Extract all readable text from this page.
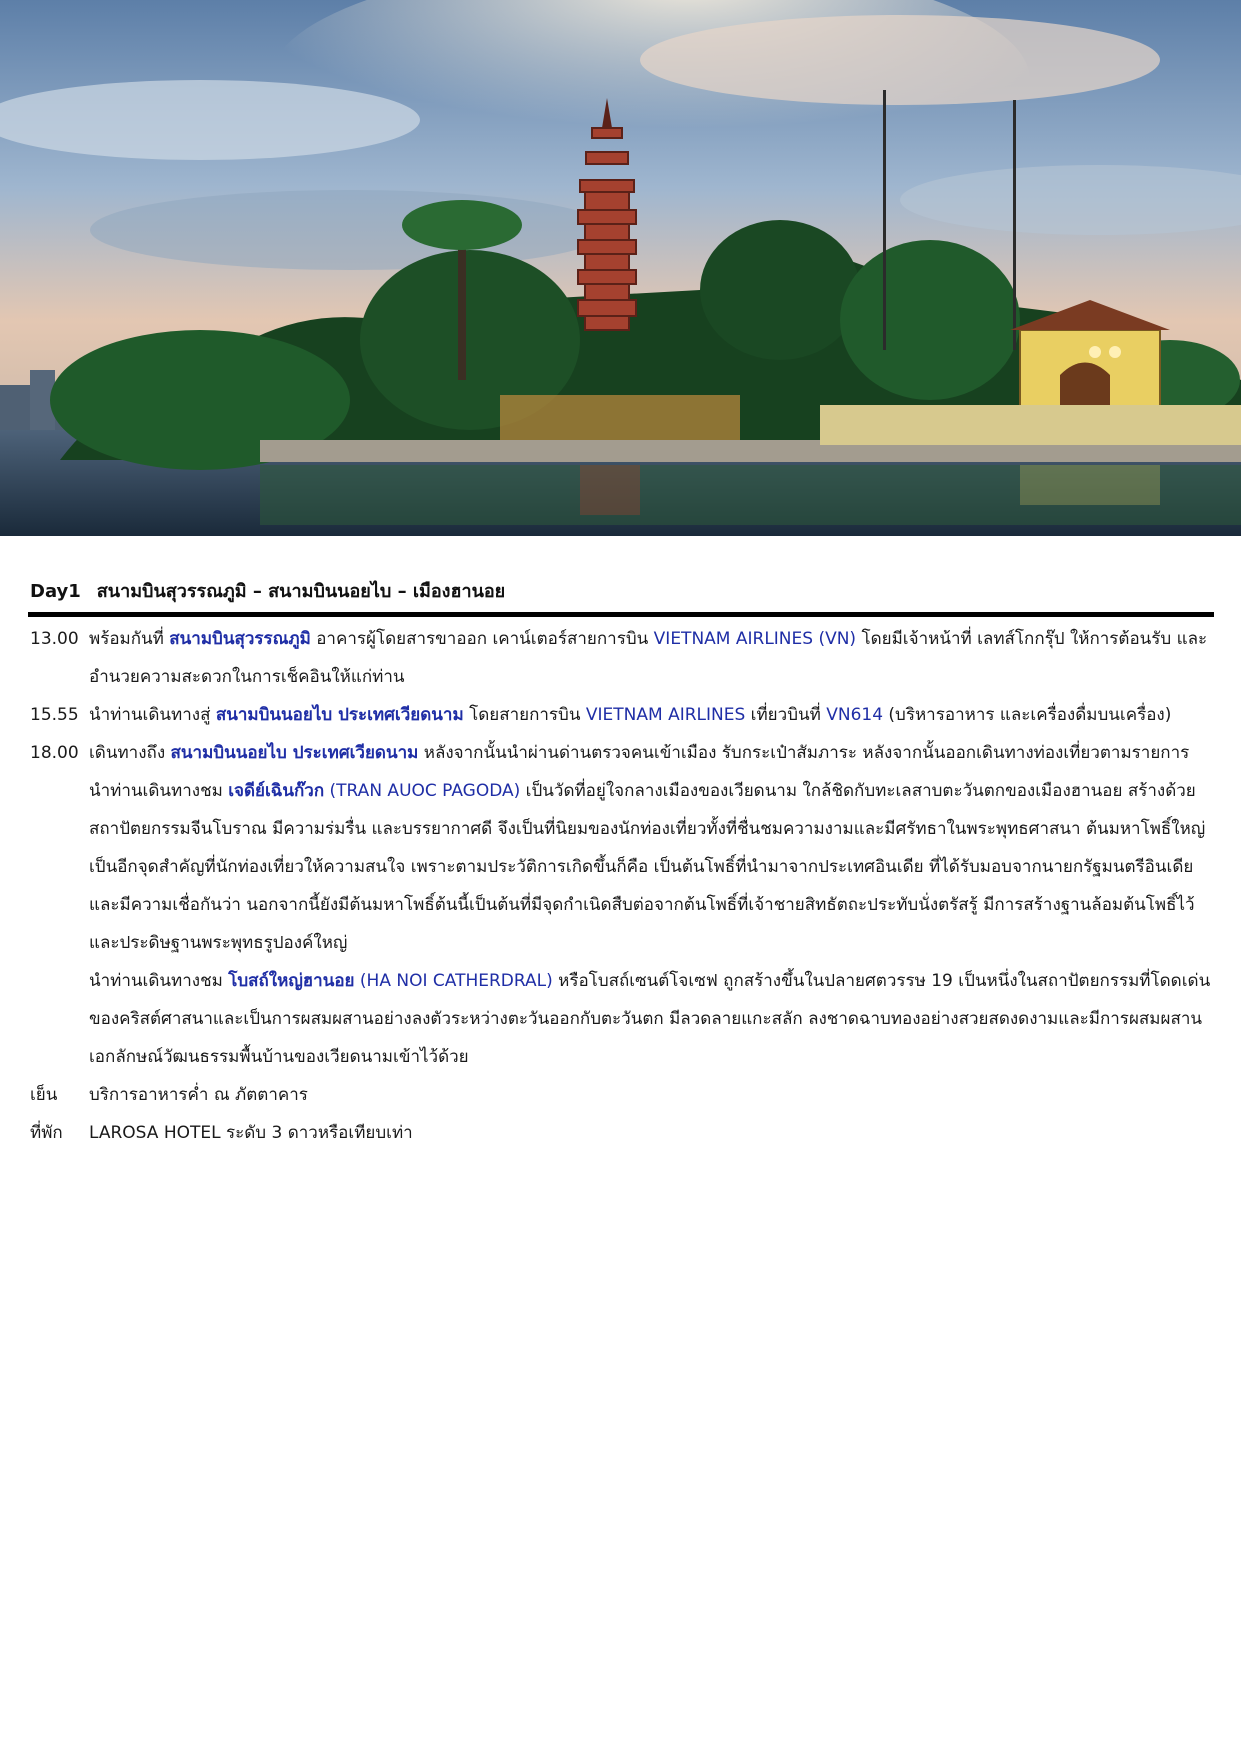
Day1 สนามบินสุวรรณภูมิ – สนามบินนอยไบ – เมืองฮานอย
13.00 พร้อมกันที่ สนามบินสุวรรณภูมิ อาคารผู้โดยสารขาออก เคาน์เตอร์สายการบิน VIETNAM AIRLINES (VN) โดยมีเจ้าหน้าที่ เลทส์โกกรุ๊ป ให้การต้อนรับ และ อำนวยความสะดวกในการเช็คอินให้แก่ท่าน
15.55 นำท่านเดินทางสู่ สนามบินนอยไบ ประเทศเวียดนาม โดยสายการบิน VIETNAM AIRLINES เที่ยวบินที่ VN614 (บริหารอาหาร และเครื่องดื่มบนเครื่อง)
18.00 เดินทางถึง สนามบินนอยไบ ประเทศเวียดนาม หลังจากนั้นนำผ่านด่านตรวจคนเข้าเมือง รับกระเป๋าสัมภาระ หลังจากนั้นออกเดินทางท่องเที่ยวตามรายการ
นำท่านเดินทางชม เจดีย์เฉินก๊วก (TRAN AUOC PAGODA) เป็นวัดที่อยู่ใจกลางเมืองของเวียดนาม ใกล้ชิดกับทะเลสาบตะวันตกของเมืองฮานอย สร้างด้วยสถาปัตยกรรมจีนโบราณ มีความร่มรื่น และบรรยากาศดี จึงเป็นที่นิยมของนักท่องเที่ยวทั้งที่ชื่นชมความงามและมีศรัทธาในพระพุทธศาสนา ต้นมหาโพธิ์ใหญ่ เป็นอีกจุดสำคัญที่นักท่องเที่ยวให้ความสนใจ เพราะตามประวัติการเกิดขึ้นก็คือ เป็นต้นโพธิ์ที่นำมาจากประเทศอินเดีย ที่ได้รับมอบจากนายกรัฐมนตรีอินเดีย และมีความเชื่อกันว่า นอกจากนี้ยังมีต้นมหาโพธิ์ต้นนี้เป็นต้นที่มีจุดกำเนิดสืบต่อจากต้นโพธิ์ที่เจ้าชายสิทธัตถะประทับนั่งตรัสรู้ มีการสร้างฐานล้อมต้นโพธิ์ไว้ และประดิษฐานพระพุทธรูปองค์ใหญ่
นำท่านเดินทางชม โบสถ์ใหญ่ฮานอย (HA NOI CATHERDRAL) หรือโบสถ์เซนต์โจเซฟ ถูกสร้างขึ้นในปลายศตวรรษ 19 เป็นหนึ่งในสถาปัตยกรรมที่โดดเด่นของคริสต์ศาสนาและเป็นการผสมผสานอย่างลงตัวระหว่างตะวันออกกับตะวันตก มีลวดลายแกะสลัก ลงชาดฉาบทองอย่างสวยสดงดงามและมีการผสมผสานเอกลักษณ์วัฒนธรรมพื้นบ้านของเวียดนามเข้าไว้ด้วย
เย็น	บริการอาหารค่ำ ณ ภัตตาคาร
ที่พัก	LAROSA HOTEL ระดับ 3 ดาวหรือเทียบเท่า
